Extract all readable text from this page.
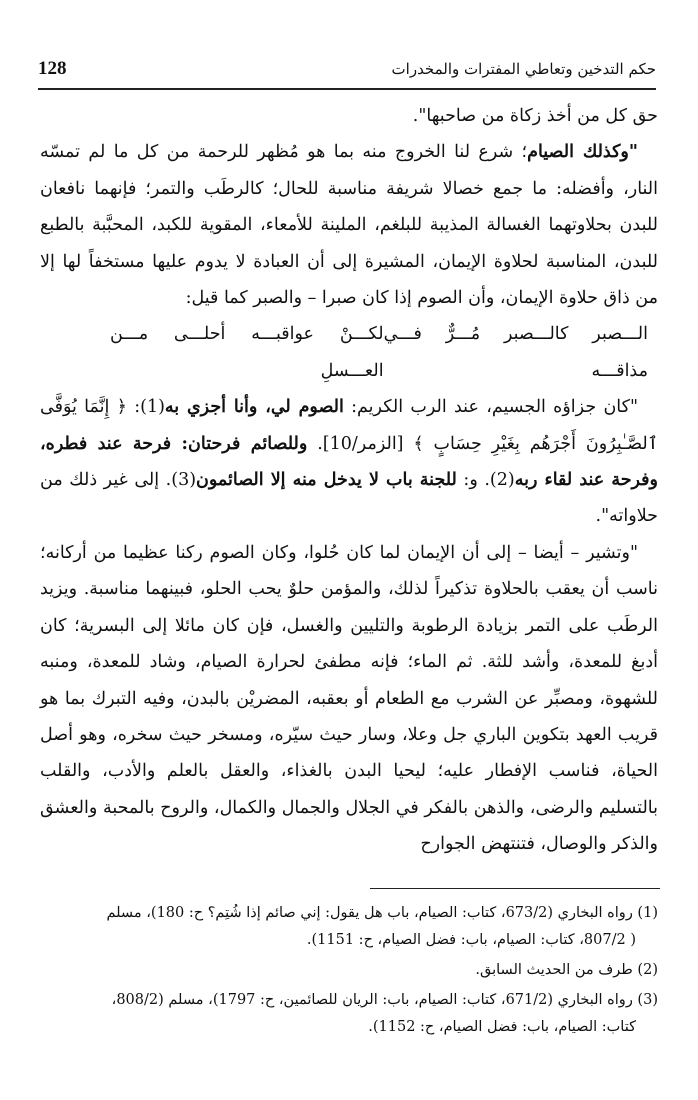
128	حكم التدخين وتعاطي المفترات والمخدرات

حق كل من أخذ زكاة من صاحبها".

"وكذلك الصيام؛ شرع لنا الخروج منه بما هو مُظهر للرحمة من كل ما لم تمسّه النار، وأفضله: ما جمع خصالا شريفة مناسبة للحال؛ كالرطَب والتمر؛ فإنهما نافعان للبدن بحلاوتهما الغسالة المذيبة للبلغم، الملينة للأمعاء، المقوية للكبد، المحبَّبة بالطبع للبدن، المناسبة لحلاوة الإيمان، المشيرة إلى أن العبادة لا يدوم عليها مستخفاً لها إلا من ذاق حلاوة الإيمان، وأن الصوم إذا كان صبرا – والصبر كما قيل:

الـــصبر كالـــصبر مُـــرٌّ فـــي مذاقـــه
لكـــنْ عواقبـــه أحلـــى مـــن العـــسلِ

"كان جزاؤه الجسيم، عند الرب الكريم: الصوم لي، وأنا أجزي به(1): ﴿ إِنَّمَا يُوَفَّى ٱلصَّـٰبِرُونَ أَجْرَهُم بِغَيْرِ حِسَابٍ ﴾ [الزمر/10]. وللصائم فرحتان: فرحة عند فطره، وفرحة عند لقاء ربه(2). و: للجنة باب لا يدخل منه إلا الصائمون(3). إلى غير ذلك من حلاواته".

"وتشير – أيضا – إلى أن الإيمان لما كان حُلوا، وكان الصوم ركنا عظيما من أركانه؛ ناسب أن يعقب بالحلاوة تذكيراً لذلك، والمؤمن حلوٌ يحب الحلو، فبينهما مناسبة. ويزيد الرطَب على التمر بزيادة الرطوبة والتليين والغسل، فإن كان مائلا إلى البسرية؛ كان أدبغ للمعدة، وأشد للثة. ثم الماء؛ فإنه مطفئ لحرارة الصيام، وشاد للمعدة، ومنبه للشهوة، ومصبِّر عن الشرب مع الطعام أو بعقبه، المضريْن بالبدن، وفيه التبرك بما هو قريب العهد بتكوين الباري جل وعلا، وسار حيث سيّره، ومسخر حيث سخره، وهو أصل الحياة، فناسب الإفطار عليه؛ ليحيا البدن بالغذاء، والعقل بالعلم والأدب، والقلب بالتسليم والرضى، والذهن بالفكر في الجلال والجمال والكمال، والروح بالمحبة والعشق والذكر والوصال، فتنتهض الجوارح

(1) رواه البخاري (673/2، كتاب: الصيام، باب هل يقول: إني صائم إذا شُتِم؟ ح: 180)، مسلم
( 807/2، كتاب: الصيام، باب: فضل الصيام، ح: 1151).

(2) طرف من الحديث السابق.

(3) رواه البخاري (671/2، كتاب: الصيام، باب: الريان للصائمين، ح: 1797)، مسلم (808/2،
كتاب: الصيام، باب: فضل الصيام، ح: 1152).
